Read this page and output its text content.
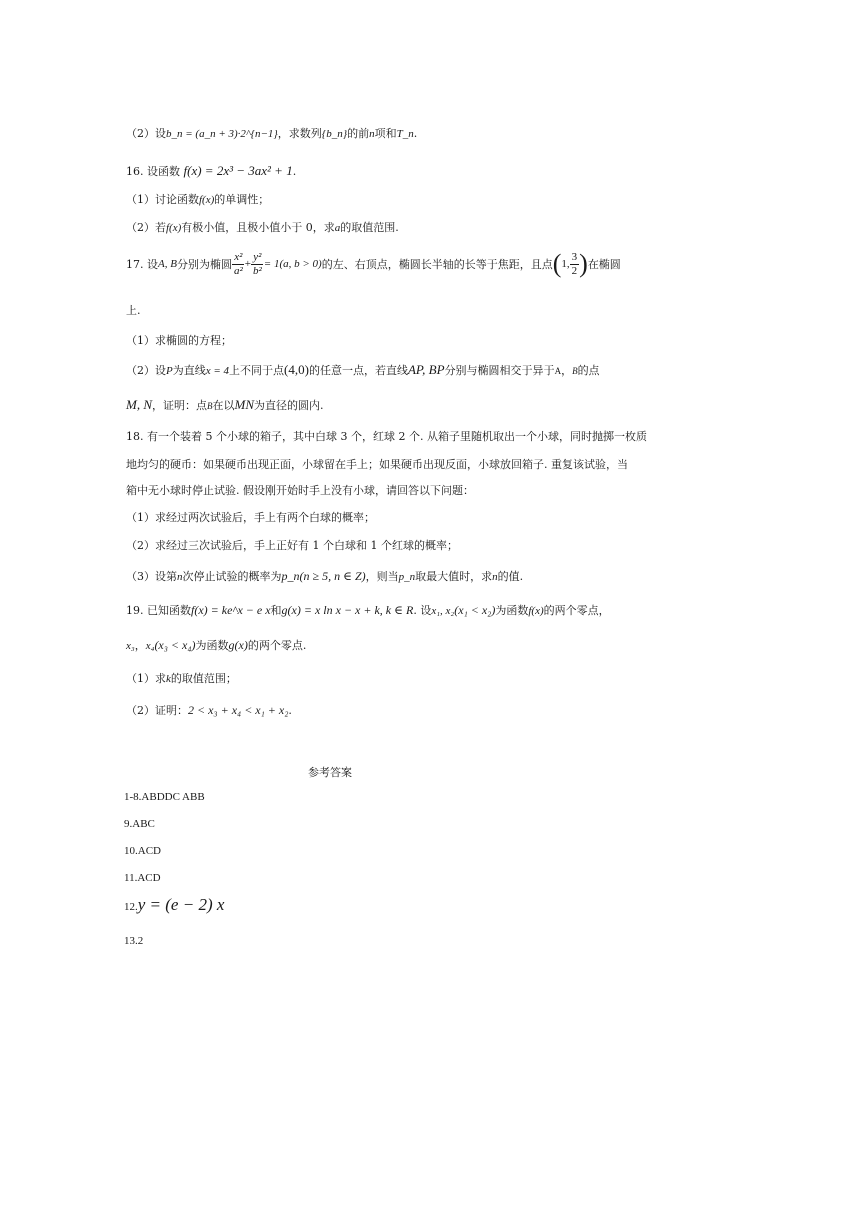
（2）设b_n = (a_n + 3)·2^{n−1}，求数列{b_n}的前n项和T_n.
16. 设函数 f(x) = 2x³ − 3ax² + 1.
（1）讨论函数f(x)的单调性；
（2）若f(x)有极小值，且极小值小于 0，求a的取值范围.
17.
设 A, B 分别为椭圆 $\frac{\text{x²}}{\text{a²}} + \frac{\text{y²}}{\text{b²}} = 1(a$, b > 0) 的左、右顶点，椭圆长半轴的长等于焦距，且点 ( 1, $\frac{3}{2}$ ) 在椭圆
上.
（1）求椭圆的方程；
（2）设P为直线x = 4上不同于点(4,0)的任意一点，若直线AP, BP分别与椭圆相交于异于A，B的点
M, N，证明：点B在以MN为直径的圆内.
18. 有一个装着 5 个小球的箱子，其中白球 3 个，红球 2 个. 从箱子里随机取出一个小球，同时抛掷一枚质
地均匀的硬币：如果硬币出现正面，小球留在手上；如果硬币出现反面，小球放回箱子. 重复该试验，当
箱中无小球时停止试验. 假设刚开始时手上没有小球，请回答以下问题：
（1）求经过两次试验后，手上有两个白球的概率；
（2）求经过三次试验后，手上正好有 1 个白球和 1 个红球的概率；
（3）设第n次停止试验的概率为p_n(n ≥ 5, n ∈ Z)，则当p_n取最大值时，求n的值.
19. 已知函数f(x) = ke^x − e x和g(x) = x ln x − x + k, k ∈ R. 设x₁, x₂(x₁ < x₂)为函数f(x)的两个零点，
x₃，x₄(x₃ < x₄)为函数g(x)的两个零点.
（1）求k的取值范围；
（2）证明：2 < x₃ + x₄ < x₁ + x₂.
参考答案
1-8.ABDDC ABB
9.ABC
10.ACD
11.ACD
12. y = (e − 2) x
13.2
